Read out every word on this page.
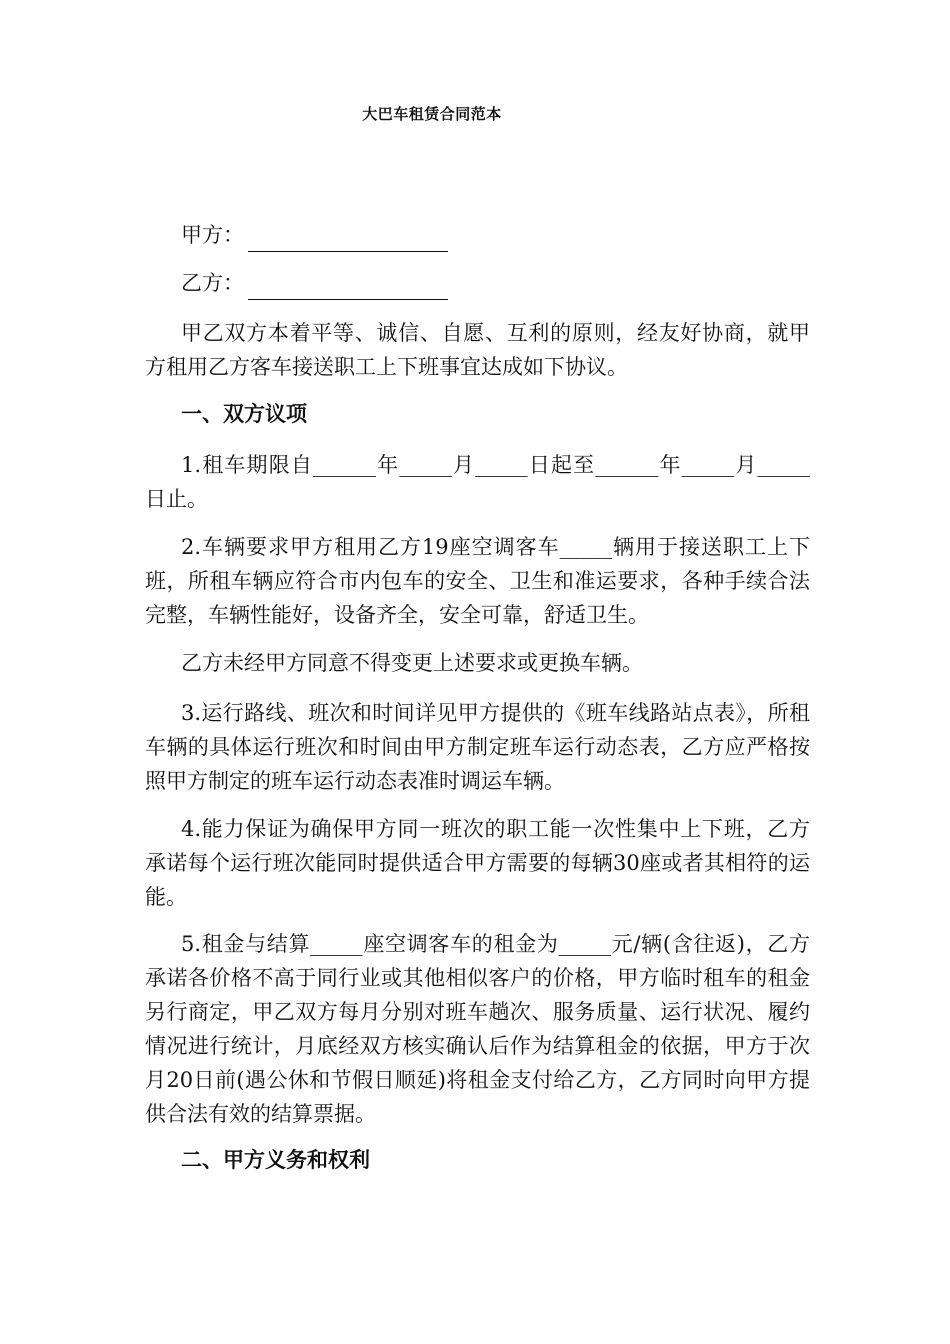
大巴车租赁合同范本
甲方：
乙方：

甲乙双方本着平等、诚信、自愿、互利的原则，经友好协商，就甲方租用乙方客车接送职工上下班事宜达成如下协议。

一、双方议项

1.租车期限自______年_____月_____日起至______年_____月_____日止。

2.车辆要求甲方租用乙方19座空调客车_____辆用于接送职工上下班，所租车辆应符合市内包车的安全、卫生和准运要求，各种手续合法完整，车辆性能好，设备齐全，安全可靠，舒适卫生。

乙方未经甲方同意不得变更上述要求或更换车辆。

3.运行路线、班次和时间详见甲方提供的《班车线路站点表》，所租车辆的具体运行班次和时间由甲方制定班车运行动态表，乙方应严格按照甲方制定的班车运行动态表准时调运车辆。

4.能力保证为确保甲方同一班次的职工能一次性集中上下班，乙方承诺每个运行班次能同时提供适合甲方需要的每辆30座或者其相符的运能。

5.租金与结算_____座空调客车的租金为_____元/辆(含往返)，乙方承诺各价格不高于同行业或其他相似客户的价格，甲方临时租车的租金另行商定，甲乙双方每月分别对班车趟次、服务质量、运行状况、履约情况进行统计，月底经双方核实确认后作为结算租金的依据，甲方于次月20日前(遇公休和节假日顺延)将租金支付给乙方，乙方同时向甲方提供合法有效的结算票据。

二、甲方义务和权利
